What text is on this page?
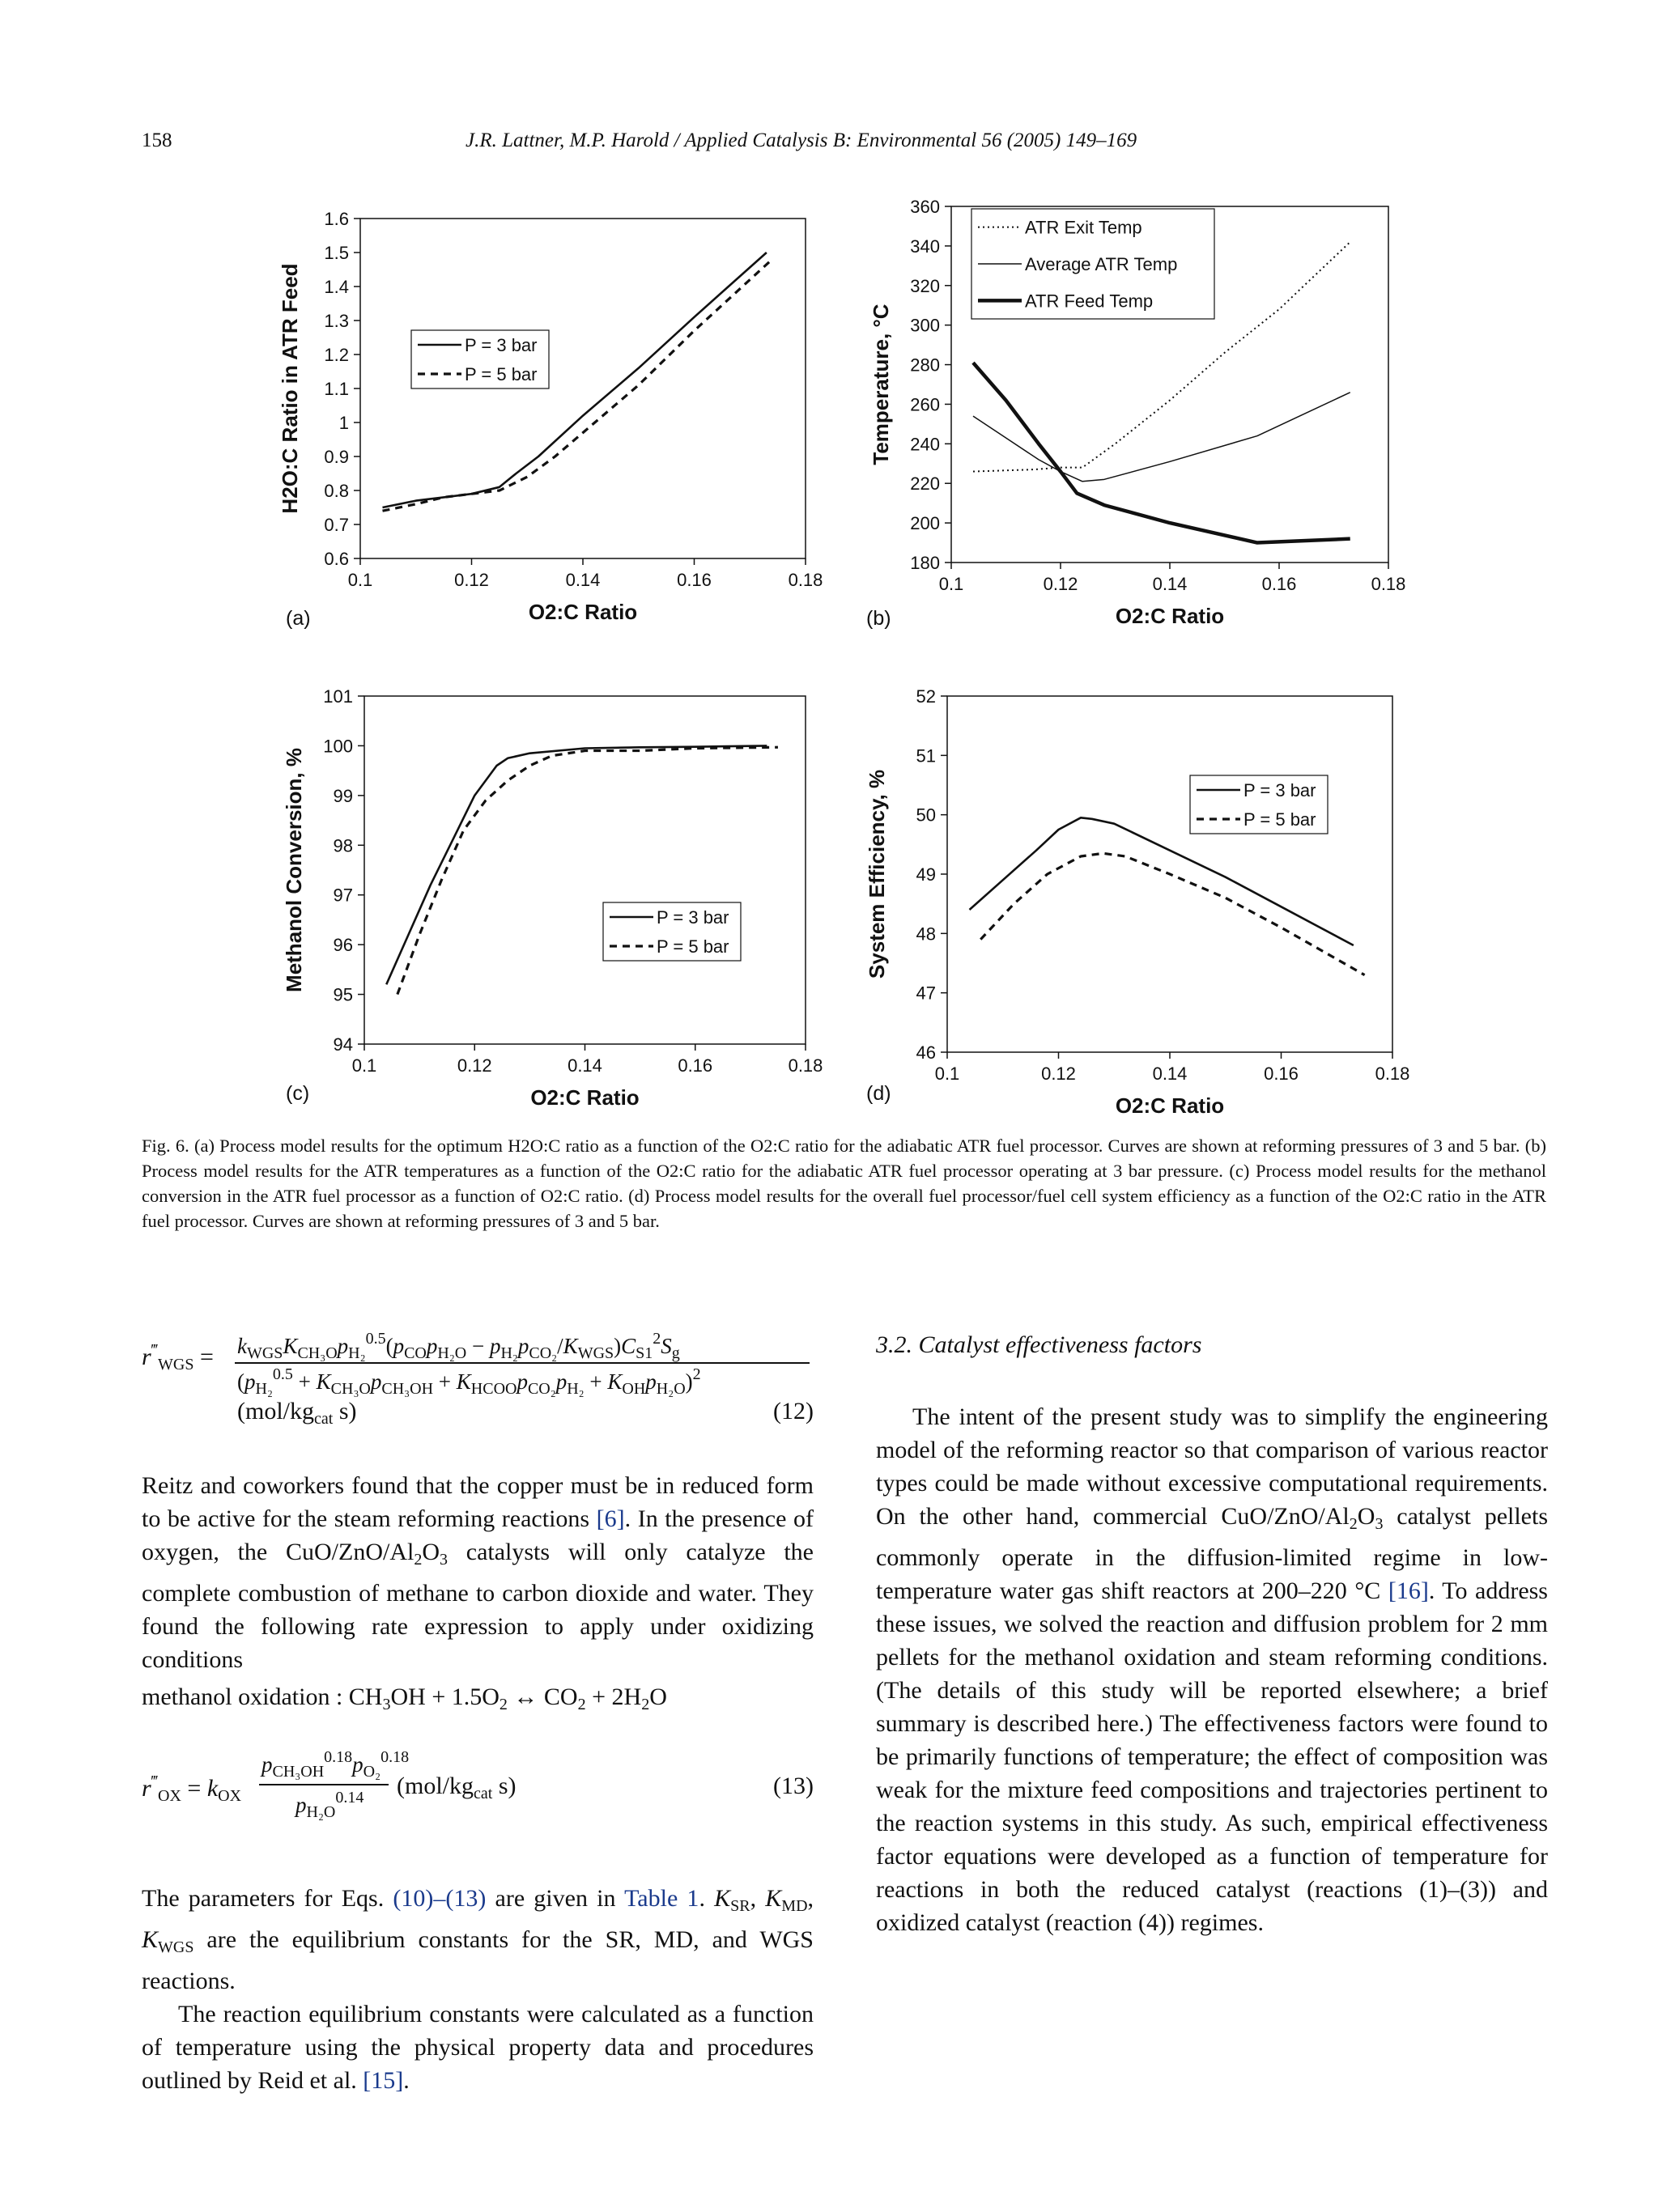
158	J.R. Lattner, M.P. Harold / Applied Catalysis B: Environmental 56 (2005) 149–169
0.6
0.7
0.8
0.9
1
1.1
1.2
1.3
1.4
1.5
1.6
0.1	0.12	0.14	0.16	0.18
O2:C Ratio
H2O:C Ratio in ATR Feed	P = 3 bar
P = 5 bar
180
200
220
240
260
280
300
320
340
360
0.1	0.12	0.14	0.16	0.18
O2:C Ratio
Temperature, °C
ATR Exit Temp
Average ATR Temp
ATR Feed Temp
94
95
96
97
98
99
100
101
0.1	0.12	0.14	0.16	0.18
O2:C Ratio
Methanol Conversion, %	P = 3 bar
P = 5 bar
46
47
48
49
50
51
52
0.1	0.12	0.14	0.16	0.18
O2:C Ratio
System Efficiency, %	P = 3 bar
P = 5 bar
(a)	(b)
(c)	(d)
Fig. 6. (a) Process model results for the optimum H2O:C ratio as a function of the O2:C ratio for the adiabatic ATR fuel processor. Curves are shown at reforming pressures of 3 and 5 bar. (b) Process model results for the ATR temperatures as a function of the O2:C ratio for the adiabatic ATR fuel processor operating at 3 bar pressure. (c) Process model results for the methanol conversion in the ATR fuel processor as a function of O2:C ratio. (d) Process model results for the overall fuel processor/fuel cell system efficiency as a function of the O2:C ratio in the ATR fuel processor. Curves are shown at reforming pressures of 3 and 5 bar.
$r^‴_{WGS} = k_{WGS}K_{CH_3O}p_{H_2}^{0.5}(p_{CO}p_{H_2O} - p_{H_2}p_{CO_2}/K_{WGS})C_{S1}^2S_g$
$(p_{H_2}^{0.5} + K_{CH_3O}p_{CH_3OH} + K_{HCOO}p_{CO_2}p_{H_2} + K_{OH}p_{H_2O})^2$
($mol/kg_{cat}$ s)	(12)

Reitz and coworkers found that the copper must be in reduced form to be active for the steam reforming reactions [6]. In the presence of oxygen, the CuO/$ZnO/Al_2O_3$ catalysts will only catalyze the complete combustion of methane to carbon dioxide and water. They found the following rate expression to apply under oxidizing conditions

methanol oxidation : $CH_3OH + 1.5O_2$ ↔ $CO_2 + 2H_2O$
$r^‴_{OX} = k_{OX}$
$p_{CH_3OH}^{0.18}p_{O_2}^{0.18}$
$p_{H_2O}^{0.14}$ ($mol/kg_{cat}$ s)	(13)

The parameters for Eqs. (10)–(13) are given in Table 1. $K_{SR}$, $K_{MD}$, $K_{WGS}$ are the equilibrium constants for the SR, MD, and WGS reactions.

The reaction equilibrium constants were calculated as a function of temperature using the physical property data and procedures outlined by Reid et al. [15].

3.2. Catalyst effectiveness factors

The intent of the present study was to simplify the engineering model of the reforming reactor so that comparison of various reactor types could be made without excessive computational requirements. On the other hand, commercial CuO/$ZnO/Al_2O_3$ catalyst pellets commonly operate in the diffusion-limited regime in low-temperature water gas shift reactors at 200–220 °C [16]. To address these issues, we solved the reaction and diffusion problem for 2 mm pellets for the methanol oxidation and steam reforming conditions. (The details of this study will be reported elsewhere; a brief summary is described here.) The effectiveness factors were found to be primarily functions of temperature; the effect of composition was weak for the mixture feed compositions and trajectories pertinent to the reaction systems in this study. As such, empirical effectiveness factor equations were developed as a function of temperature for reactions in both the reduced catalyst (reactions (1)–(3)) and oxidized catalyst (reaction (4)) regimes.
